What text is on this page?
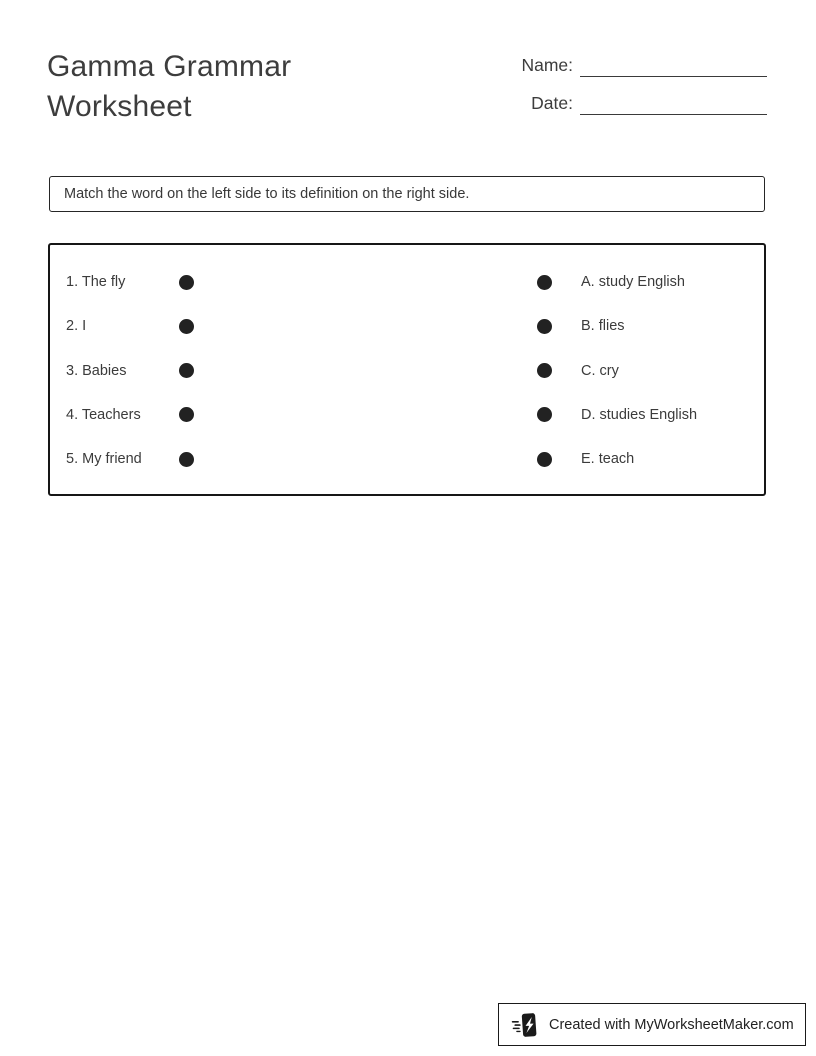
Gamma Grammar Worksheet
Name:
Date:
Match the word on the left side to its definition on the right side.
1. The fly	A. study English
2. I	B. flies
3. Babies	C. cry
4. Teachers	D. studies English
5. My friend	E. teach
Created with MyWorksheetMaker.com
